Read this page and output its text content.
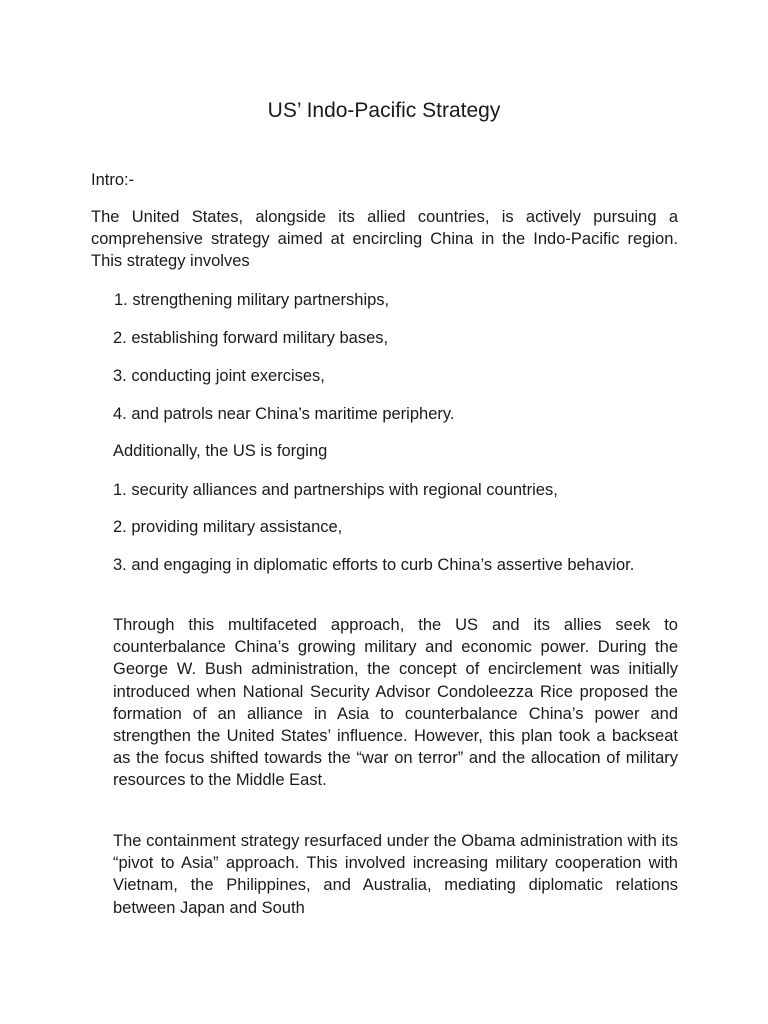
US’ Indo-Pacific Strategy

Intro:-

The United States, alongside its allied countries, is actively pursuing a comprehensive strategy aimed at encircling China in the Indo-Pacific region. This strategy involves

1. strengthening military partnerships,

2. establishing forward military bases,

3. conducting joint exercises,

4. and patrols near China’s maritime periphery.

Additionally, the US is forging

1. security alliances and partnerships with regional countries,

2. providing military assistance,

3. and engaging in diplomatic efforts to curb China’s assertive behavior.

Through this multifaceted approach, the US and its allies seek to counterbalance China’s growing military and economic power. During the George W. Bush administration, the concept of encirclement was initially introduced when National Security Advisor Condoleezza Rice proposed the formation of an alliance in Asia to counterbalance China’s power and strengthen the United States’ influence. However, this plan took a backseat as the focus shifted towards the “war on terror” and the allocation of military resources to the Middle East.

The containment strategy resurfaced under the Obama administration with its “pivot to Asia” approach. This involved increasing military cooperation with Vietnam, the Philippines, and Australia, mediating diplomatic relations between Japan and South
